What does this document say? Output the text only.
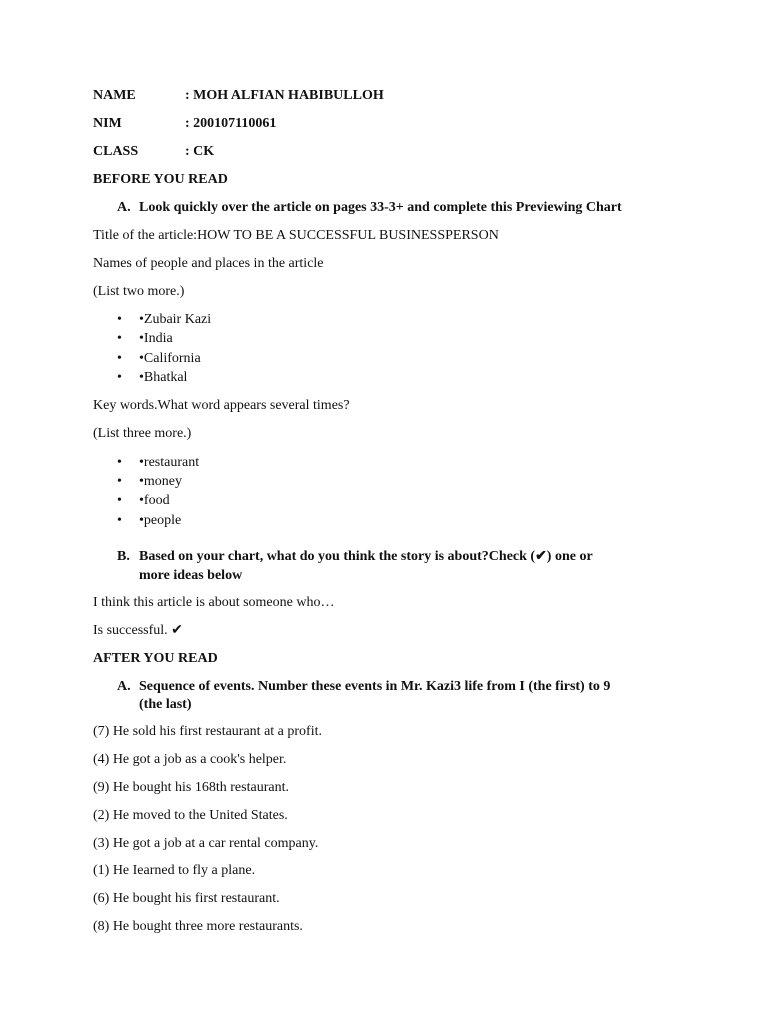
NAME	: MOH ALFIAN HABIBULLOH
NIM	: 200107110061
CLASS	: CK
BEFORE YOU READ
A. Look quickly over the article on pages 33-3+ and complete this Previewing Chart
Title of the article:HOW TO BE A SUCCESSFUL BUSINESSPERSON
Names of people and places in the article
(List two more.)
• •Zubair Kazi
• •India
• •California
• •Bhatkal
Key words.What word appears several times?
(List three more.)
• •restaurant
• •money
• •food
• •people
B. Based on your chart, what do you think the story is about?Check (✔) one or
more ideas below
I think this article is about someone who…
Is successful. ✔
AFTER YOU READ
A. Sequence of events. Number these events in Mr. Kazi3 life from I (the first) to 9
(the last)
(7) He sold his first restaurant at a profit.
(4) He got a job as a cook's helper.
(9) He bought his 168th restaurant.
(2) He moved to the United States.
(3) He got a job at a car rental company.
(1) He Iearned to fly a plane.
(6) He bought his first restaurant.
(8) He bought three more restaurants.
